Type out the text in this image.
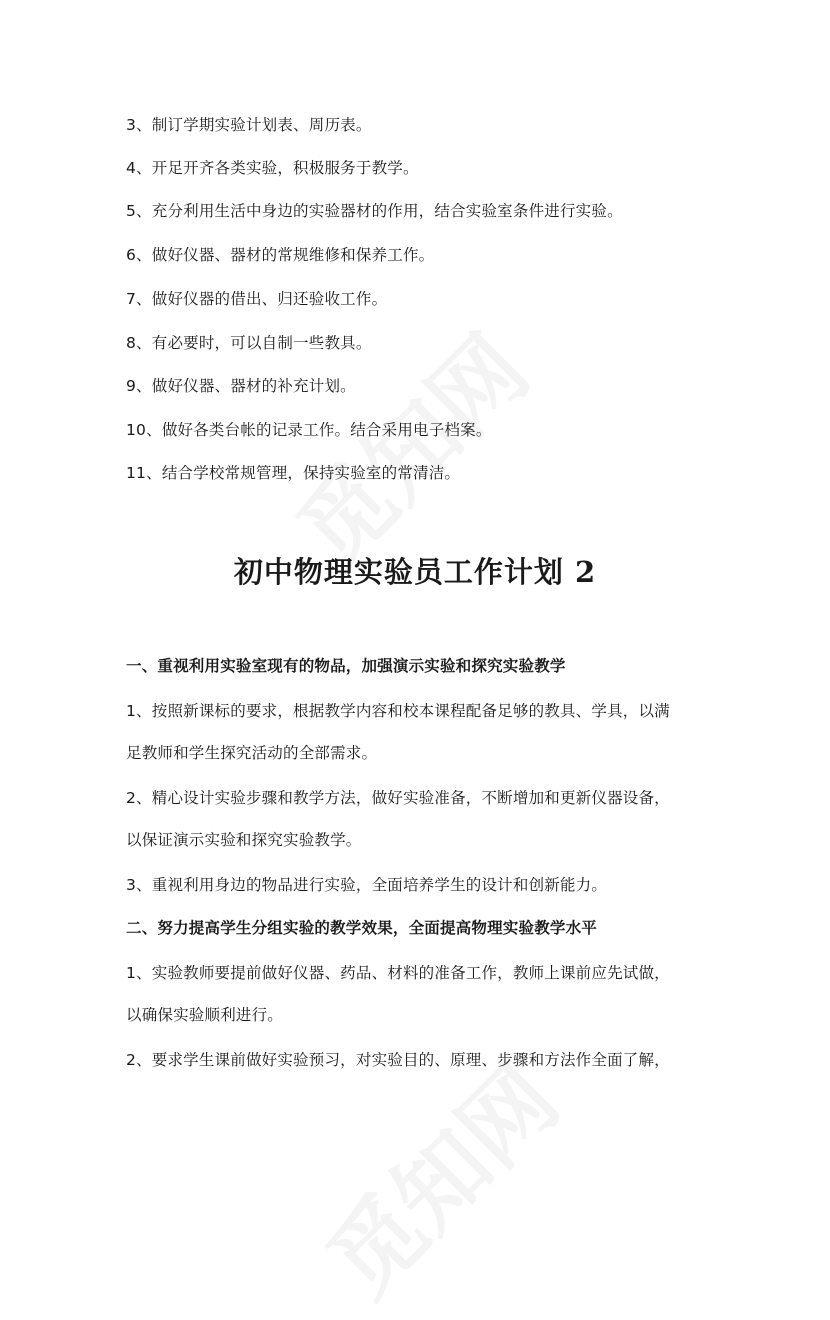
3、制订学期实验计划表、周历表。
4、开足开齐各类实验，积极服务于教学。
5、充分利用生活中身边的实验器材的作用，结合实验室条件进行实验。
6、做好仪器、器材的常规维修和保养工作。
7、做好仪器的借出、归还验收工作。
8、有必要时，可以自制一些教具。
9、做好仪器、器材的补充计划。
10、做好各类台帐的记录工作。结合采用电子档案。
11、结合学校常规管理，保持实验室的常清洁。
初中物理实验员工作计划 2
一、重视利用实验室现有的物品，加强演示实验和探究实验教学
1、按照新课标的要求，根据教学内容和校本课程配备足够的教具、学具，以满
足教师和学生探究活动的全部需求。
2、精心设计实验步骤和教学方法，做好实验准备，不断增加和更新仪器设备，
以保证演示实验和探究实验教学。
3、重视利用身边的物品进行实验，全面培养学生的设计和创新能力。
二、努力提高学生分组实验的教学效果，全面提高物理实验教学水平
1、实验教师要提前做好仪器、药品、材料的准备工作，教师上课前应先试做，
以确保实验顺利进行。
2、要求学生课前做好实验预习，对实验目的、原理、步骤和方法作全面了解，
